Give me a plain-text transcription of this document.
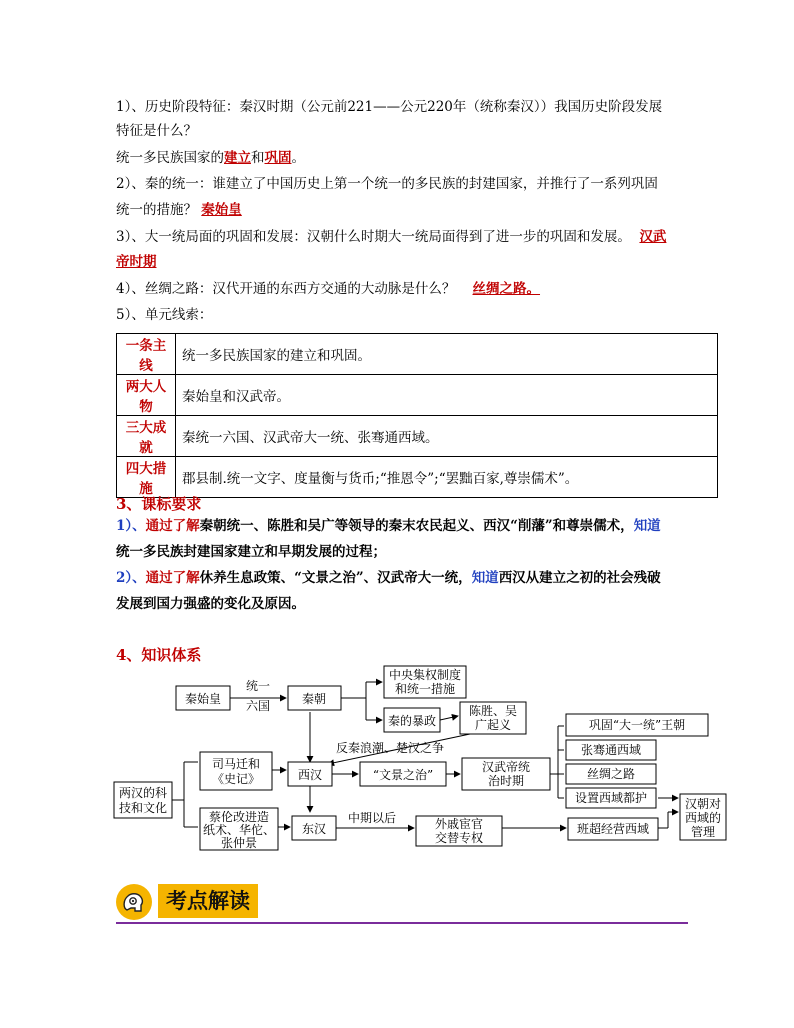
1）、历史阶段特征：秦汉时期（公元前221——公元220年（统称秦汉））我国历史阶段发展
特征是什么？
统一多民族国家的建立和巩固。
2）、秦的统一：谁建立了中国历史上第一个统一的多民族的封建国家，并推行了一系列巩固
统一的措施？ 秦始皇
3）、大一统局面的巩固和发展：汉朝什么时期大一统局面得到了进一步的巩固和发展。 汉武
帝时期
4）、丝绸之路：汉代开通的东西方交通的大动脉是什么？ 丝绸之路。
5）、单元线索：
一条主线	统一多民族国家的建立和巩固。
两大人物	秦始皇和汉武帝。
三大成就	秦统一六国、汉武帝大一统、张骞通西域。
四大措施	郡县制.统一文字、度量衡与货币;“推恩令”;“罢黜百家,尊崇儒术”。
3、课标要求
1）、通过了解秦朝统一、陈胜和吴广等领导的秦末农民起义、西汉“削藩”和尊崇儒术，知道
统一多民族封建国家建立和早期发展的过程；
2）、通过了解休养生息政策、“文景之治”、汉武帝大一统，知道西汉从建立之初的社会残破
发展到国力强盛的变化及原因。
4、知识体系
秦始皇
统一
六国	秦朝
中央集权制度
和统一措施
秦的暴政
陈胜、吴
广起义
反秦浪潮、楚汉之争
两汉的科
技和文化
司马迁和
《史记》	西汉	“文景之治”
汉武帝统
治时期
巩固“大一统”王朝
张骞通西域
丝绸之路
设置西域都护	汉朝对
西域的
管理
蔡伦改进造
纸术、华佗、
张仲景
东汉
中期以后	外戚宦官
交替专权
班超经营西域
考点解读
